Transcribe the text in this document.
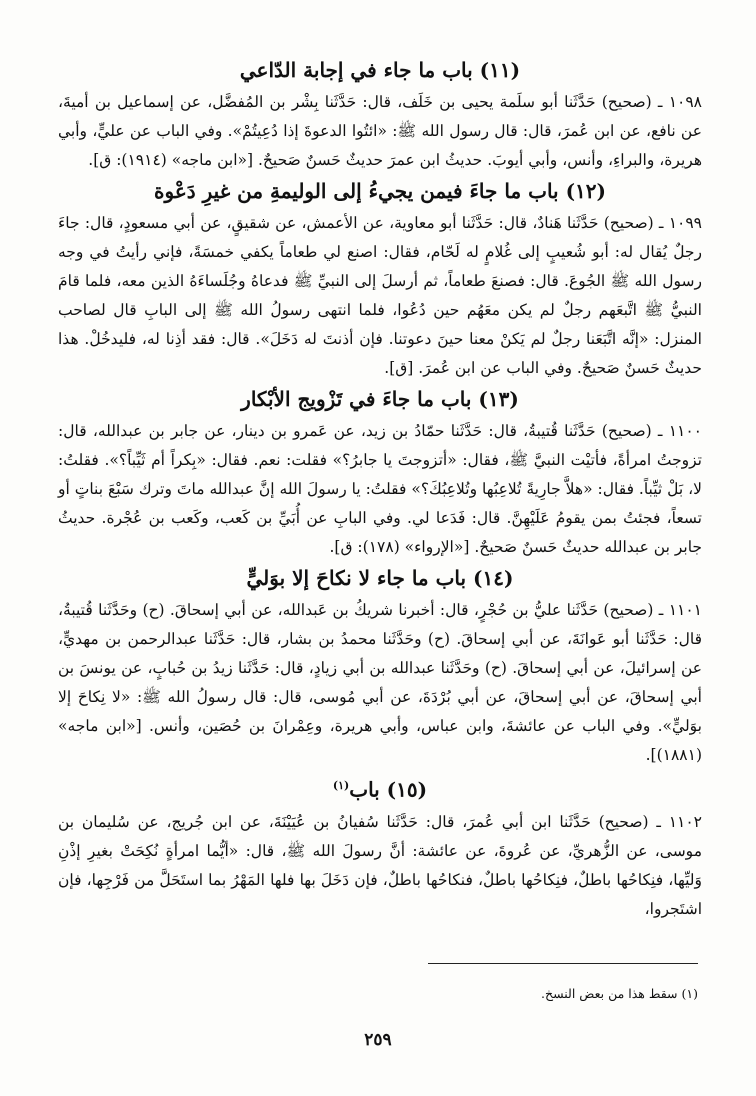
(١١) باب ما جاء في إجابة الدّاعي

١٠٩٨ ـ (صحيح) حَدَّثَنا أبو سلَمة يحيى بن خَلَف، قال: حَدَّثَنا بِشْر بن المُفضَّل، عن إسماعيل بن أميةَ، عن نافع، عن ابن عُمرَ، قال: قال رسول الله ﷺ: «ائتُوا الدعوةَ إذا دُعِيتُمْ». وفي الباب عن عليٍّ، وأبي هريرة، والبراءِ، وأنس، وأبي أيوبَ. حديثُ ابن عمرَ حديثٌ حَسنٌ صَحيحٌ. [«ابن ماجه» (١٩١٤): ق].

(١٢) باب ما جاءَ فيمن يجيءُ إلى الوليمةِ من غيرِ دَعْوة

١٠٩٩ ـ (صحيح) حَدَّثَنا هَنادٌ، قال: حَدَّثَنا أبو معاوية، عن الأعمش، عن شقيقٍ، عن أبي مسعودٍ، قال: جاءَ رجلٌ يُقال له: أبو شُعيبٍ إلى غُلامٍ له لَحّام، فقال: اصنع لي طعاماً يكفي خمسَةً، فإني رأيتُ في وجه رسول الله ﷺ الجُوعَ. قال: فصنعَ طعاماً، ثم أرسلَ إلى النبيِّ ﷺ فدعاهُ وجُلَساءَهُ الذين معه، فلما قامَ النبيُّ ﷺ اتَّبعَهم رجلٌ لم يكن معَهُم حين دُعُوا، فلما انتهى رسولُ الله ﷺ إلى البابِ قال لصاحب المنزل: «إنَّه اتَّبَعَنا رجلٌ لم يَكنْ معنا حينَ دعوتنا. فإن أذنتَ له دَخَلَ». قال: فقد أذِنا له، فليدخُلْ. هذا حديثٌ حَسنٌ صَحيحٌ. وفي الباب عن ابن عُمرَ. [ق].

(١٣) باب ما جاءَ في تَزْويج الأبْكار

١١٠٠ ـ (صحيح) حَدَّثَنا قُتيبةُ، قال: حَدَّثَنا حمّادُ بن زيد، عن عَمرو بن دينار، عن جابر بن عبدالله، قال: تزوجتُ امرأةً، فأتيْت النبيَّ ﷺ، فقال: «أتزوجتَ يا جابرُ؟» فقلت: نعم. فقال: «بِكراً أم ثَيِّباً؟». فقلتُ: لا، بَلْ ثيِّباً. فقال: «هلاَّ جارِيةً تُلاعِبُها وتُلاعِبُكَ؟» فقلتُ: يا رسولَ الله إنَّ عبدالله ماتَ وترك سَبْعَ بناتٍ أو تسعاً، فجئتُ بمن يقومُ عَلَيْهِنَّ. قال: فَدَعا لي. وفي البابِ عن أُبَيِّ بن كَعب، وكَعب بن عُجْرة. حديثُ جابر بن عبدالله حديثٌ حَسنٌ صَحيحٌ. [«الإرواء» (١٧٨): ق].

(١٤) باب ما جاء لا نكاحَ إلا بوَليٍّ

١١٠١ ـ (صحيح) حَدَّثَنا عليُّ بن حُجْرٍ، قال: أخبرنا شريكُ بن عَبدالله، عن أبي إسحاقَ. (ح) وحَدَّثَنا قُتيبةُ، قال: حَدَّثَنا أبو عَوانَةَ، عن أبي إسحاقَ. (ح) وحَدَّثَنا محمدُ بن بشار، قال: حَدَّثَنا عبدالرحمن بن مهديٍّ، عن إسرائيلَ، عن أبي إسحاقَ. (ح) وحَدَّثَنا عبدالله بن أبي زيادٍ، قال: حَدَّثَنا زيدُ بن حُبابٍ، عن يونسَ بن أبي إسحاقَ، عن أبي إسحاقَ، عن أبي بُرْدَةَ، عن أبي مُوسى، قال: قال رسولُ الله ﷺ: «لا نِكاحَ إلا بوَليٍّ». وفي الباب عن عائشةَ، وابن عباس، وأبي هريرة، وعِمْرانَ بن حُصَين، وأنس. [«ابن ماجه» (١٨٨١)].

(١٥) باب$^{(١)}$

١١٠٢ ـ (صحيح) حَدَّثَنا ابن أبي عُمرَ، قال: حَدَّثَنا سُفيانُ بن عُيَيْنَةَ، عن ابن جُريج، عن سُليمان بن موسى، عن الزُّهريِّ، عن عُروةَ، عن عائشة: أنَّ رسولَ الله ﷺ، قال: «أيُّما امرأةٍ نُكِحَتْ بغيرِ إذْنِ وَليِّها، فنِكاحُها باطلٌ، فنِكاحُها باطلٌ، فنكاحُها باطلٌ، فإن دَخَلَ بها فلها المَهْرُ بما استَحَلَّ من فَرْجِها، فإن اشتَجروا،

(١) سقط هذا من بعض النسخ.
٢٥٩
